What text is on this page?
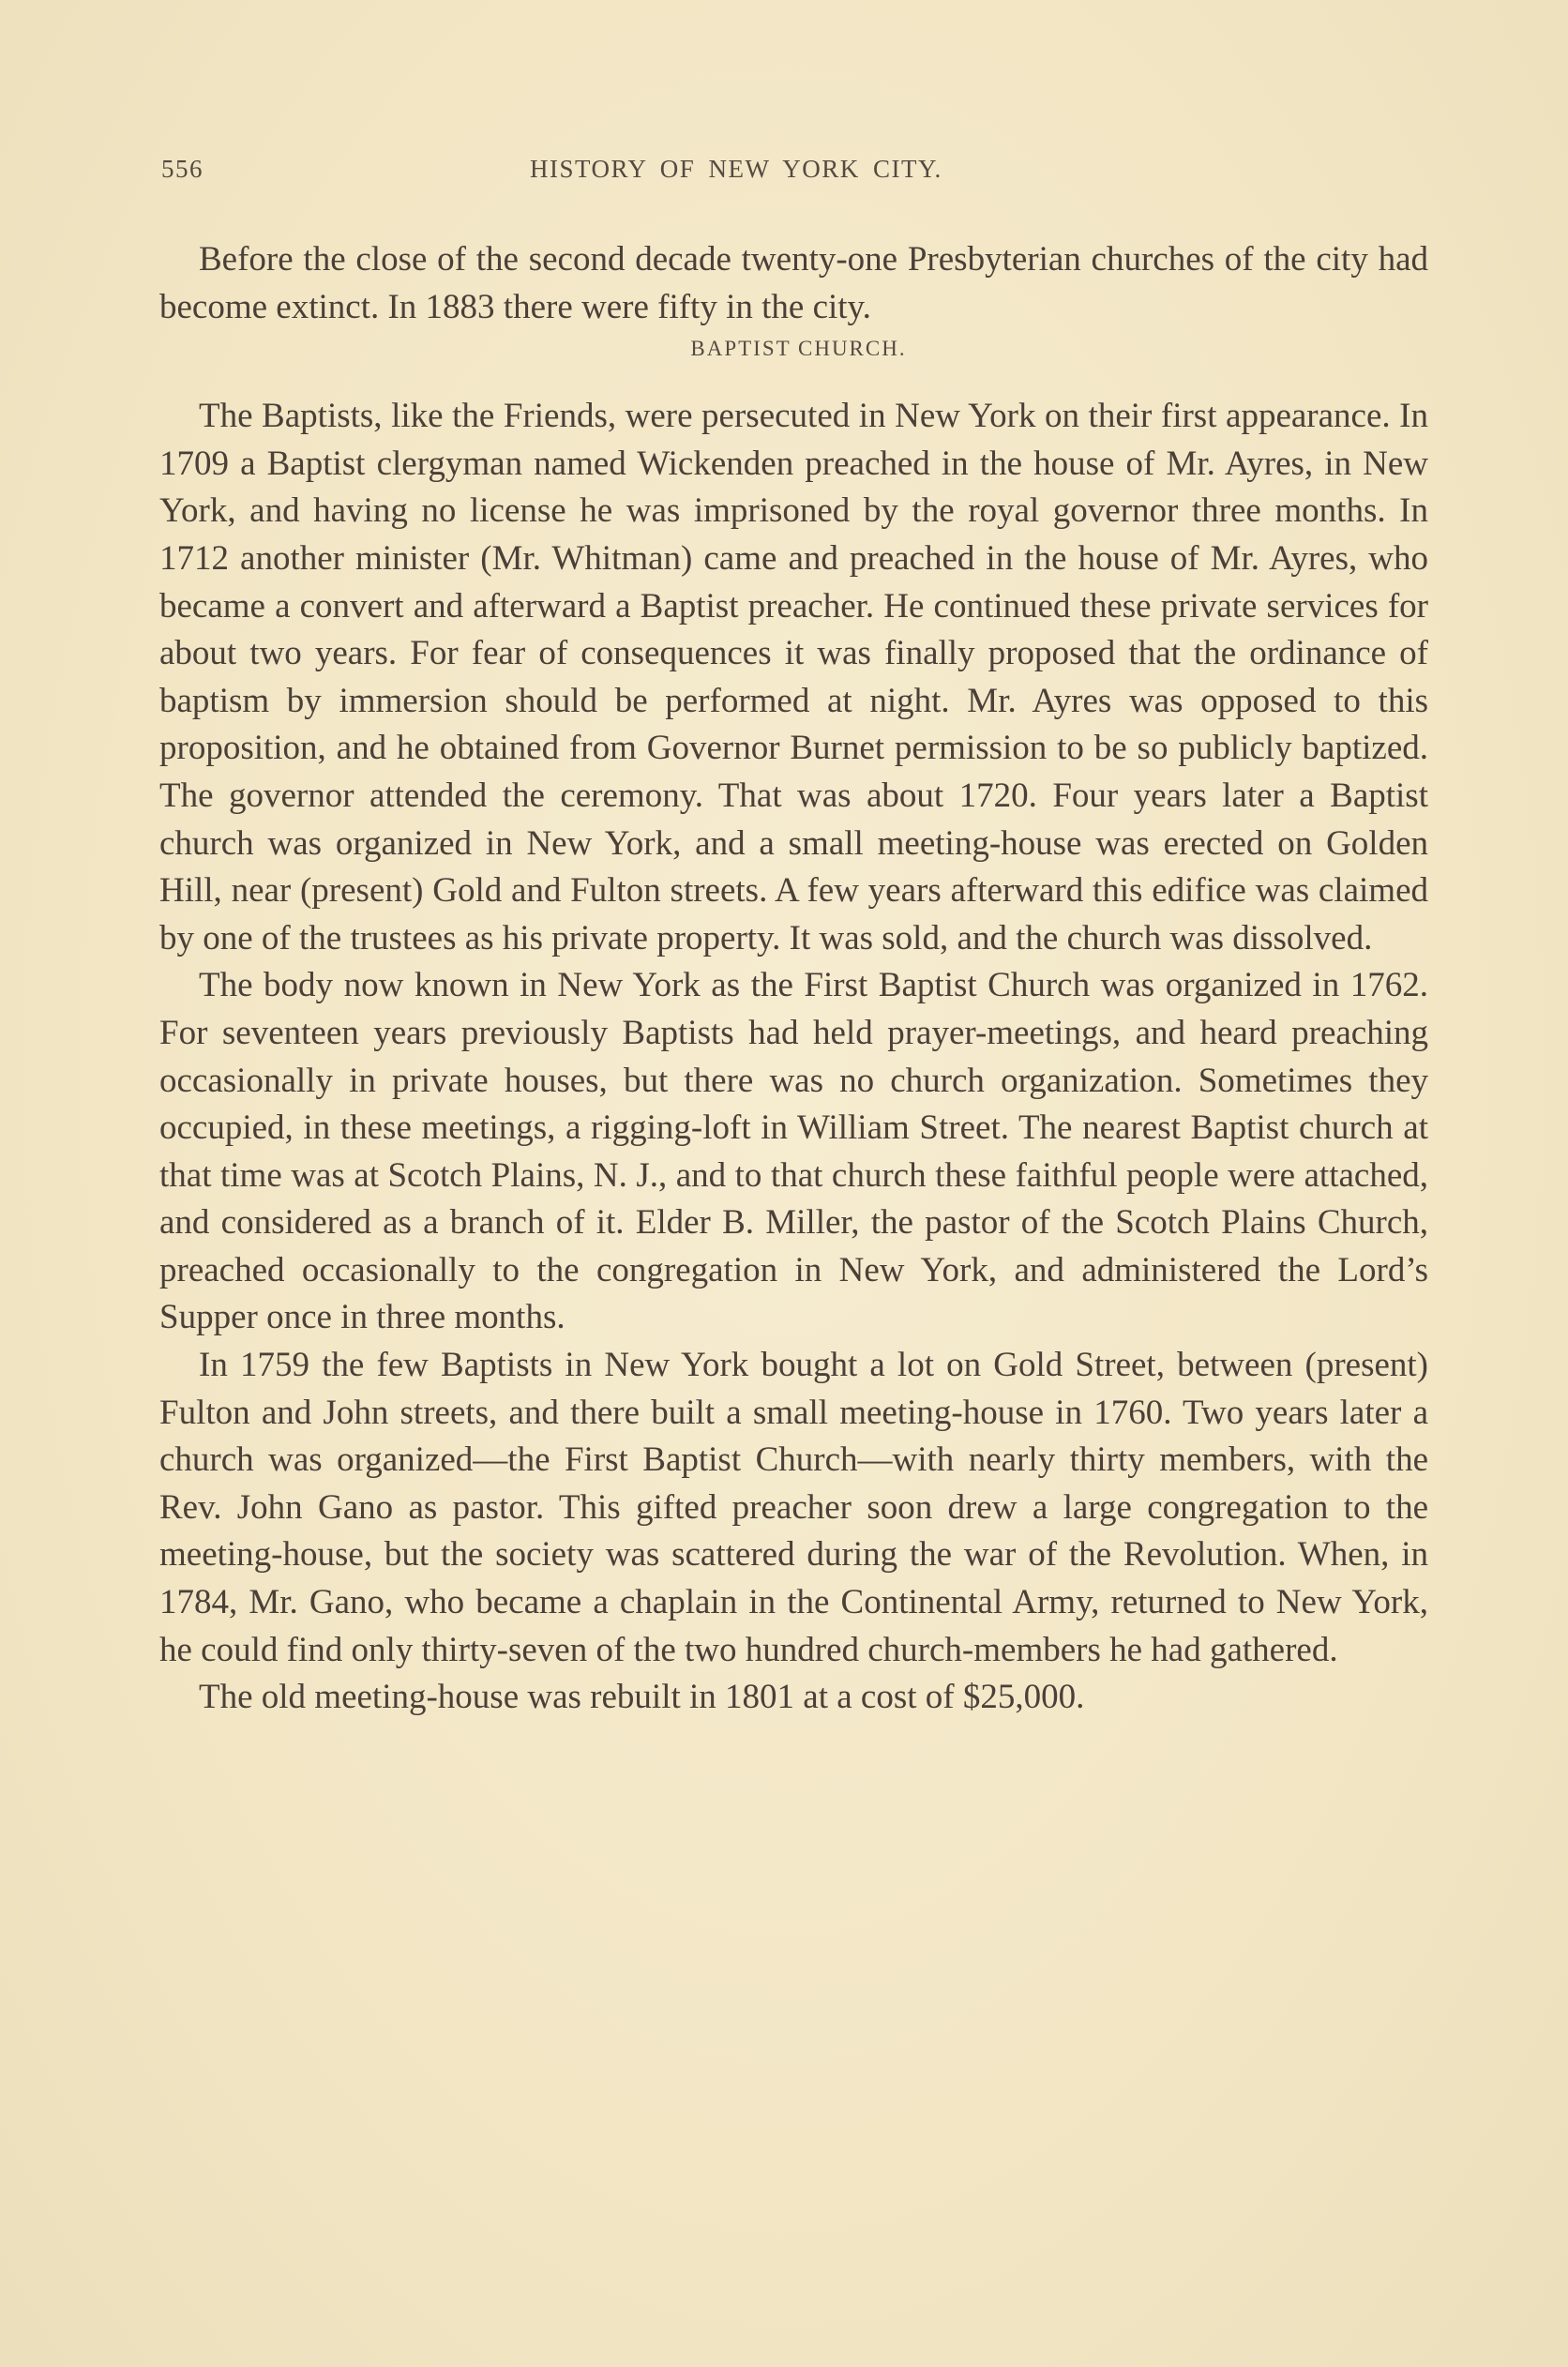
556	HISTORY OF NEW YORK CITY.

Before the close of the second decade twenty-one Presbyterian churches of the city had become extinct. In 1883 there were fifty in the city.

BAPTIST CHURCH.

The Baptists, like the Friends, were persecuted in New York on their first appearance. In 1709 a Baptist clergyman named Wickenden preached in the house of Mr. Ayres, in New York, and having no license he was imprisoned by the royal governor three months. In 1712 another minister (Mr. Whitman) came and preached in the house of Mr. Ayres, who became a convert and afterward a Baptist preacher. He continued these private services for about two years. For fear of consequences it was finally proposed that the ordinance of baptism by immersion should be performed at night. Mr. Ayres was opposed to this proposition, and he obtained from Governor Burnet permission to be so publicly baptized. The governor attended the ceremony. That was about 1720. Four years later a Baptist church was organized in New York, and a small meeting-house was erected on Golden Hill, near (present) Gold and Fulton streets. A few years afterward this edifice was claimed by one of the trustees as his private property. It was sold, and the church was dissolved.

The body now known in New York as the First Baptist Church was organized in 1762. For seventeen years previously Baptists had held prayer-meetings, and heard preaching occasionally in private houses, but there was no church organization. Sometimes they occupied, in these meetings, a rigging-loft in William Street. The nearest Baptist church at that time was at Scotch Plains, N. J., and to that church these faithful people were attached, and considered as a branch of it. Elder B. Miller, the pastor of the Scotch Plains Church, preached occasionally to the congregation in New York, and administered the Lord’s Supper once in three months.

In 1759 the few Baptists in New York bought a lot on Gold Street, between (present) Fulton and John streets, and there built a small meeting-house in 1760. Two years later a church was organized—the First Baptist Church—with nearly thirty members, with the Rev. John Gano as pastor. This gifted preacher soon drew a large congregation to the meeting-house, but the society was scattered during the war of the Revolution. When, in 1784, Mr. Gano, who became a chaplain in the Continental Army, returned to New York, he could find only thirty-seven of the two hundred church-members he had gathered.

The old meeting-house was rebuilt in 1801 at a cost of $25,000.
